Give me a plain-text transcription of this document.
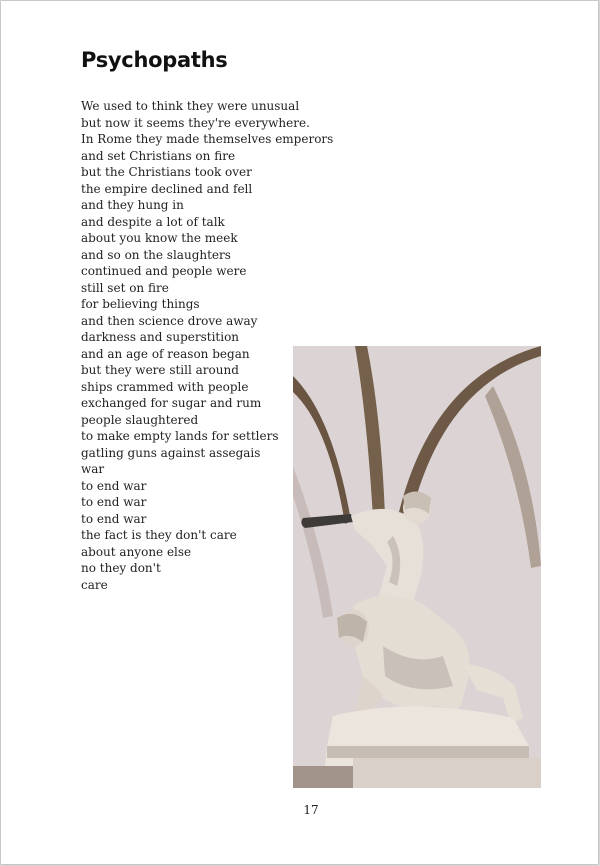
Psychopaths
We used to think they were unusual
but now it seems they're everywhere.
In Rome they made themselves emperors
and set Christians on fire
but the Christians took over
the empire declined and fell
and they hung in
and despite a lot of talk
about you know the meek
and so on the slaughters
continued and people were
still set on fire
for believing things
and then science drove away
darkness and superstition
and an age of reason began
but they were still around
ships crammed with people
exchanged for sugar and rum
people slaughtered
to make empty lands for settlers
gatling guns against assegais
war
to end war
to end war
to end war
the fact is they don't care
about anyone else
no they don't
care
17
